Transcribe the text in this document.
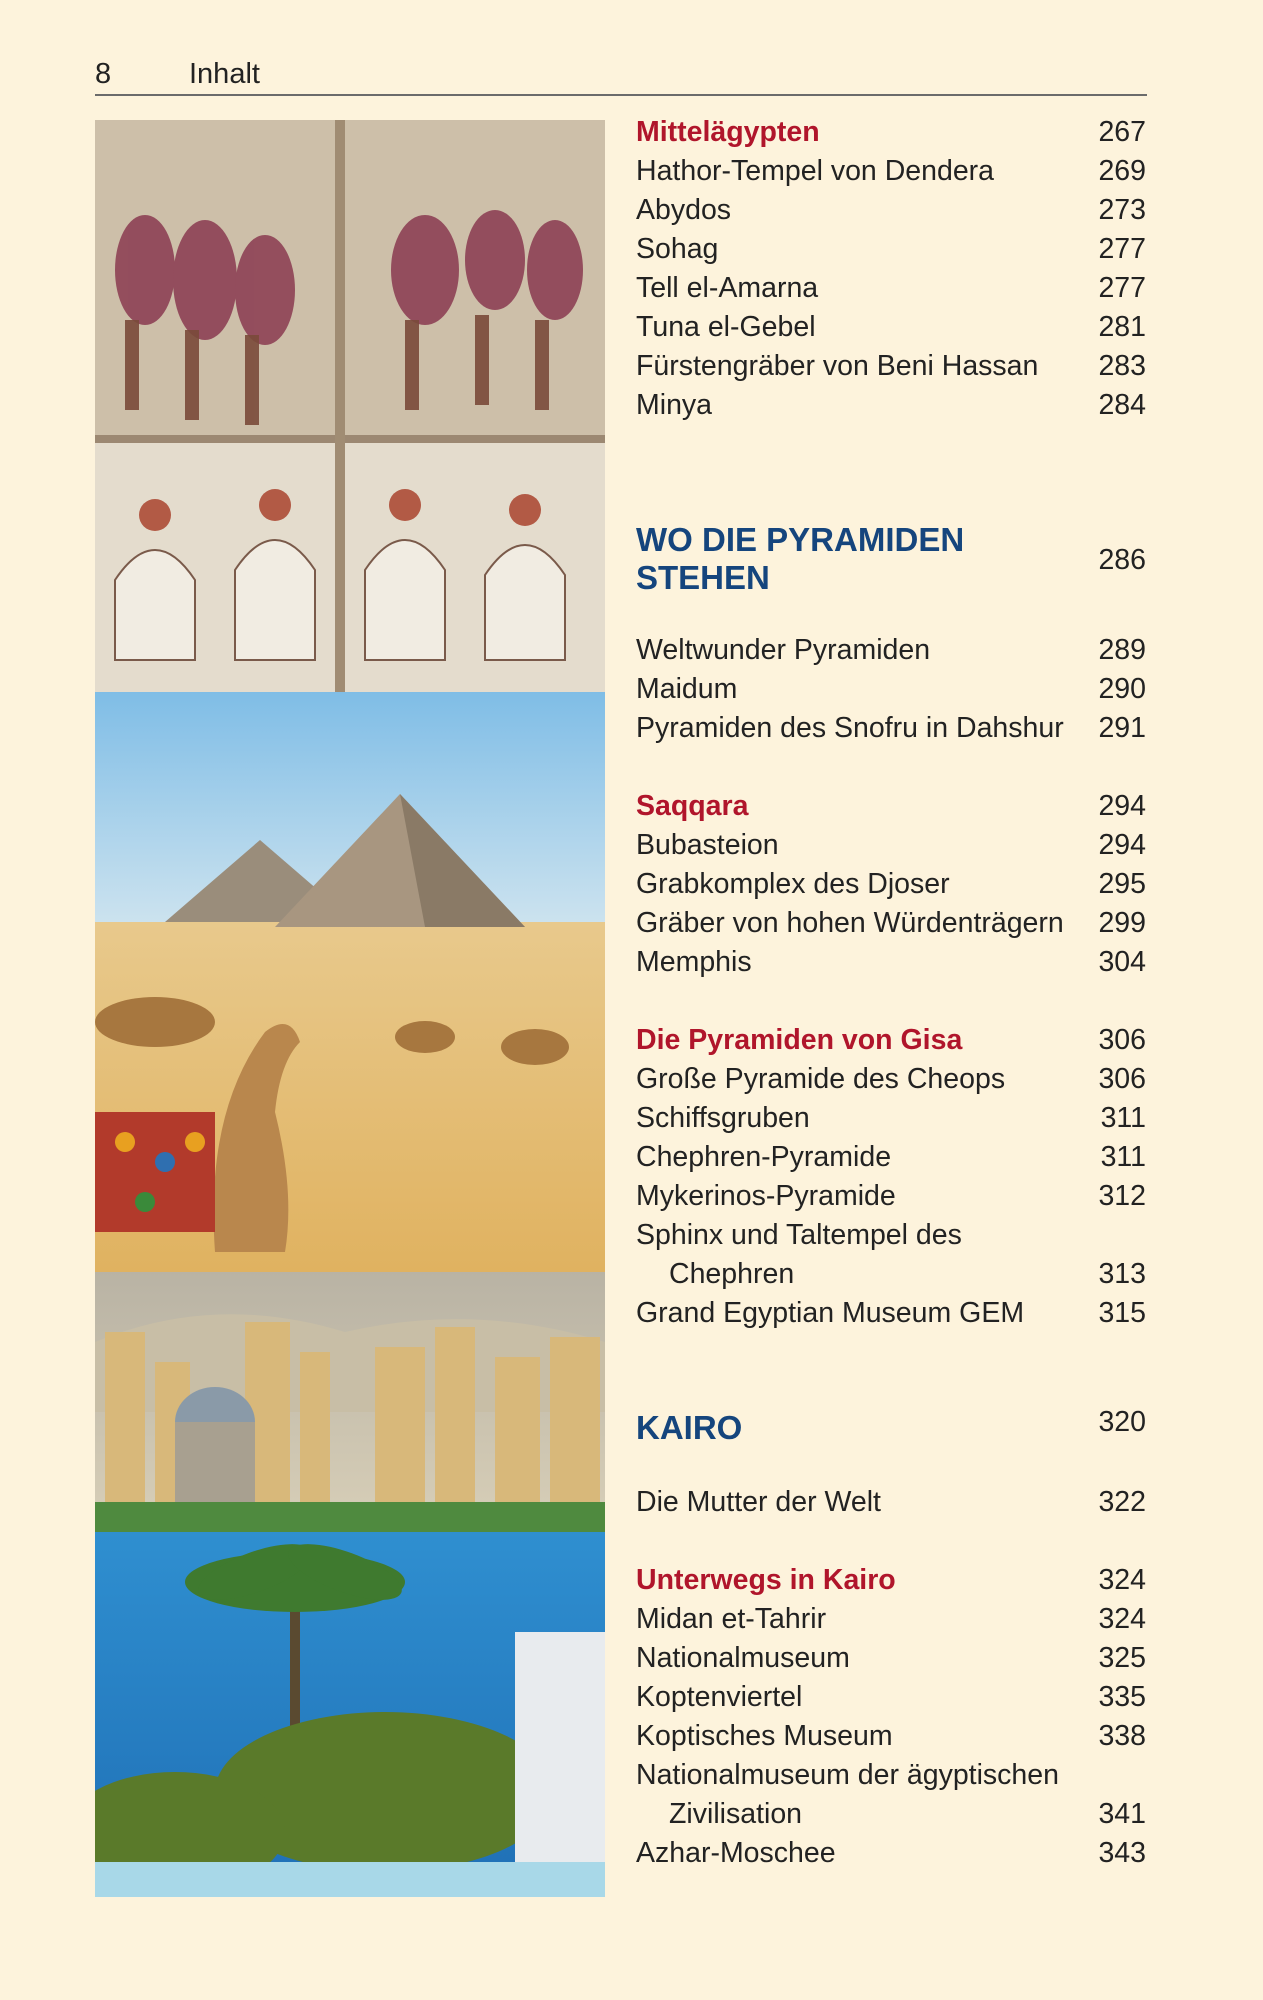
8	Inhalt
Mittelägypten	267
Hathor-Tempel von Dendera	269
Abydos	273
Sohag	277
Tell el-Amarna	277
Tuna el-Gebel	281
Fürstengräber von Beni Hassan 283
Minya	284
WO DIE PYRAMIDEN
STEHEN	286
Weltwunder Pyramiden	289
Maidum	290
Pyramiden des Snofru in Dahshur 291
Saqqara	294
Bubasteion	294
Grabkomplex des Djoser	295
Gräber von hohen Würdenträgern 299
Memphis	304
Die Pyramiden von Gisa	306
Große Pyramide des Cheops	306
Schiffsgruben	311
Chephren-Pyramide	311
Mykerinos-Pyramide	312
Sphinx und Taltempel des
Chephren	313
Grand Egyptian Museum GEM	315
KAIRO	320
Die Mutter der Welt	322
Unterwegs in Kairo	324
Midan et-Tahrir	324
Nationalmuseum	325
Koptenviertel	335
Koptisches Museum	338
Nationalmuseum der ägyptischen
Zivilisation	341
Azhar-Moschee	343
